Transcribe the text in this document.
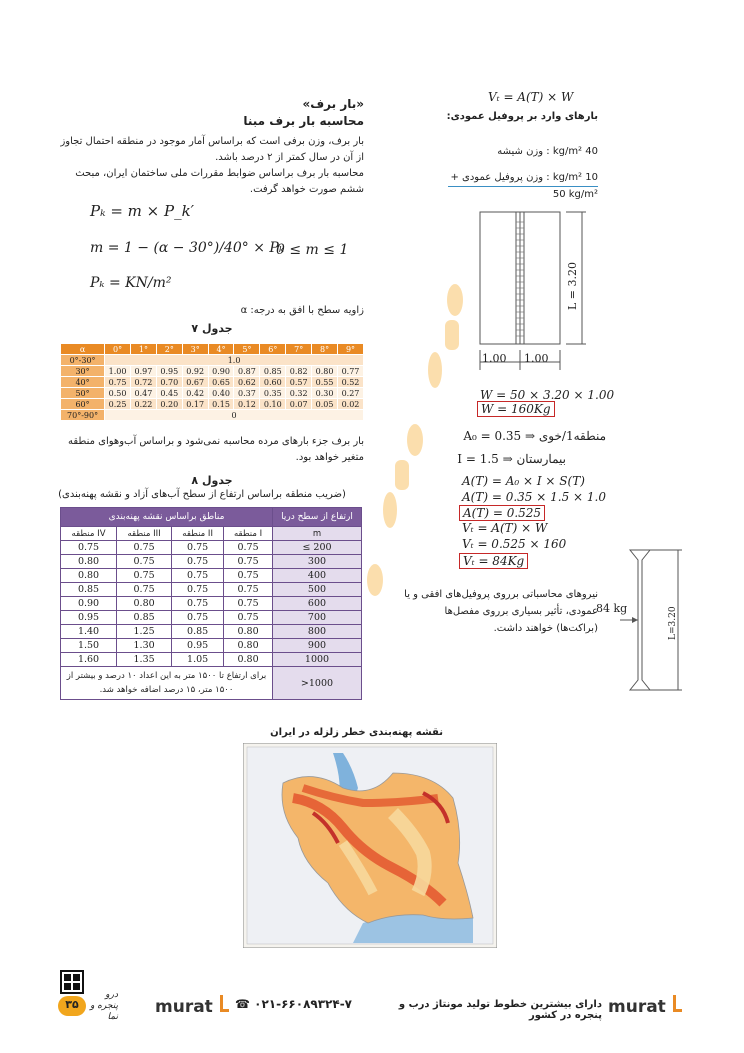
«بار برف»
محاسبه بار برف مبنا
بار برف، وزن برفی است که براساس آمار موجود در منطقه احتمال تجاوز از آن در سال کمتر از ۲ درصد باشد.
محاسبه بار برف براساس ضوابط مقررات ملی ساختمان ایران، مبحث ششم صورت خواهد گرفت.
Pₖ = m × P_k′
m = 1 − (α − 30°)/40° × Pₖ
0 ≤ m ≤ 1
Pₖ = KN/m²
زاویه سطح با افق به درجه: α
جدول ۷
α	0°	1°	2°	3°	4°	5°	6°	7°	8°	9°
0°-30°	1.0									
30°	1.00	0.97	0.95	0.92	0.90	0.87	0.85	0.82	0.80	0.77
40°	0.75	0.72	0.70	0.67	0.65	0.62	0.60	0.57	0.55	0.52
50°	0.50	0.47	0.45	0.42	0.40	0.37	0.35	0.32	0.30	0.27
60°	0.25	0.22	0.20	0.17	0.15	0.12	0.10	0.07	0.05	0.02
70°-90°	0									
بار برف جزء بارهای مرده محاسبه نمی‌شود و براساس آب‌وهوای منطقه متغیر خواهد بود.
جدول ۸
(ضریب منطقه براساس ارتفاع از سطح آب‌های آزاد و نقشه پهنه‌بندی)
مناطق براساس نقشه پهنه‌بندی				ارتفاع از سطح دریا
منطقه IV	منطقه III	منطقه II	منطقه I	m
0.75	0.75	0.75	0.75	≤ 200
0.80	0.75	0.75	0.75	300
0.80	0.75	0.75	0.75	400
0.85	0.75	0.75	0.75	500
0.90	0.80	0.75	0.75	600
0.95	0.85	0.75	0.75	700
1.40	1.25	0.85	0.80	800
1.50	1.30	0.95	0.80	900
1.60	1.35	1.05	0.80	1000
برای ارتفاع تا ۱۵۰۰ متر به این اعداد ۱۰ درصد و بیشتر از ۱۵۰۰ متر، ۱۵ درصد اضافه خواهد شد.				>1000
Vₜ = A(T) × W
بارهای وارد بر پروفیل عمودی:
40 kg/m² : وزن شیشه
10 kg/m² : وزن پروفیل عمودی +
50 kg/m²
1.00 1.00
L = 3.20
W = 50 × 3.20 × 1.00
W = 160Kg
منطقه1/خوی ⇒ A₀ = 0.35
بیمارستان ⇒ I = 1.5
A(T) = A₀ × I × S(T)
A(T) = 0.35 × 1.5 × 1.0
A(T) = 0.525
Vₜ = A(T) × W
Vₜ = 0.525 × 160
Vₜ = 84Kg
نیروهای محاسباتی برروی پروفیل‌های افقی و یا عمودی، تأثیر بسیاری برروی مفصل‌ها (براکت‌ها) خواهند داشت.
84 kg	L=3.20
نقشه پهنه‌بندی خطر زلزله در ایران
murat
دارای بیشترین خطوط تولید مونتاژ درب و پنجره در کشور
☎ ۰۲۱-۶۶۰۸۹۳۲۴-۷
murat
۳۵
درو پنجره و نما
